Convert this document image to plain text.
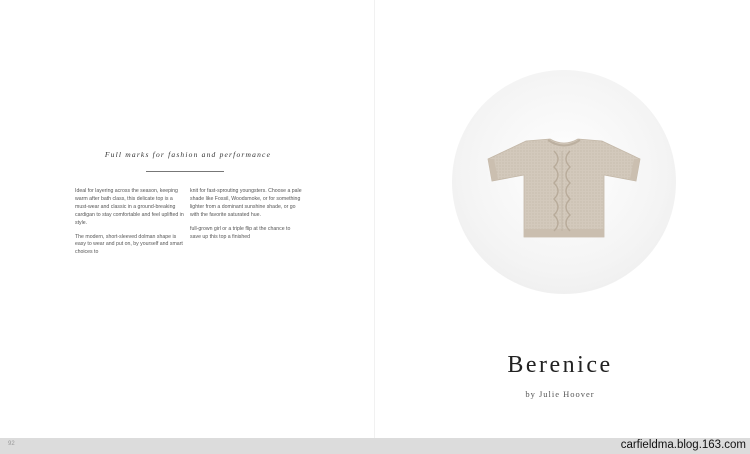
Full marks for fashion and performance

Ideal for layering across the season, keeping warm after bath class, this delicate top is a must-wear and classic in a ground-breaking cardigan to stay comfortable and feel uplifted in style.

The modern, short-sleeved dolman shape is easy to wear and put on, by yourself and smart choices to

knit for fast-sprouting youngsters. Choose a pale shade like Fossil, Woodsmoke, or for something lighter from a dominant sunshine shade, or go with the favorite saturated hue.

full-grown girl or a triple flip at the chance to save up this top a finished

Berenice
by Julie Hoover
92	carfieldma.blog.163.com
